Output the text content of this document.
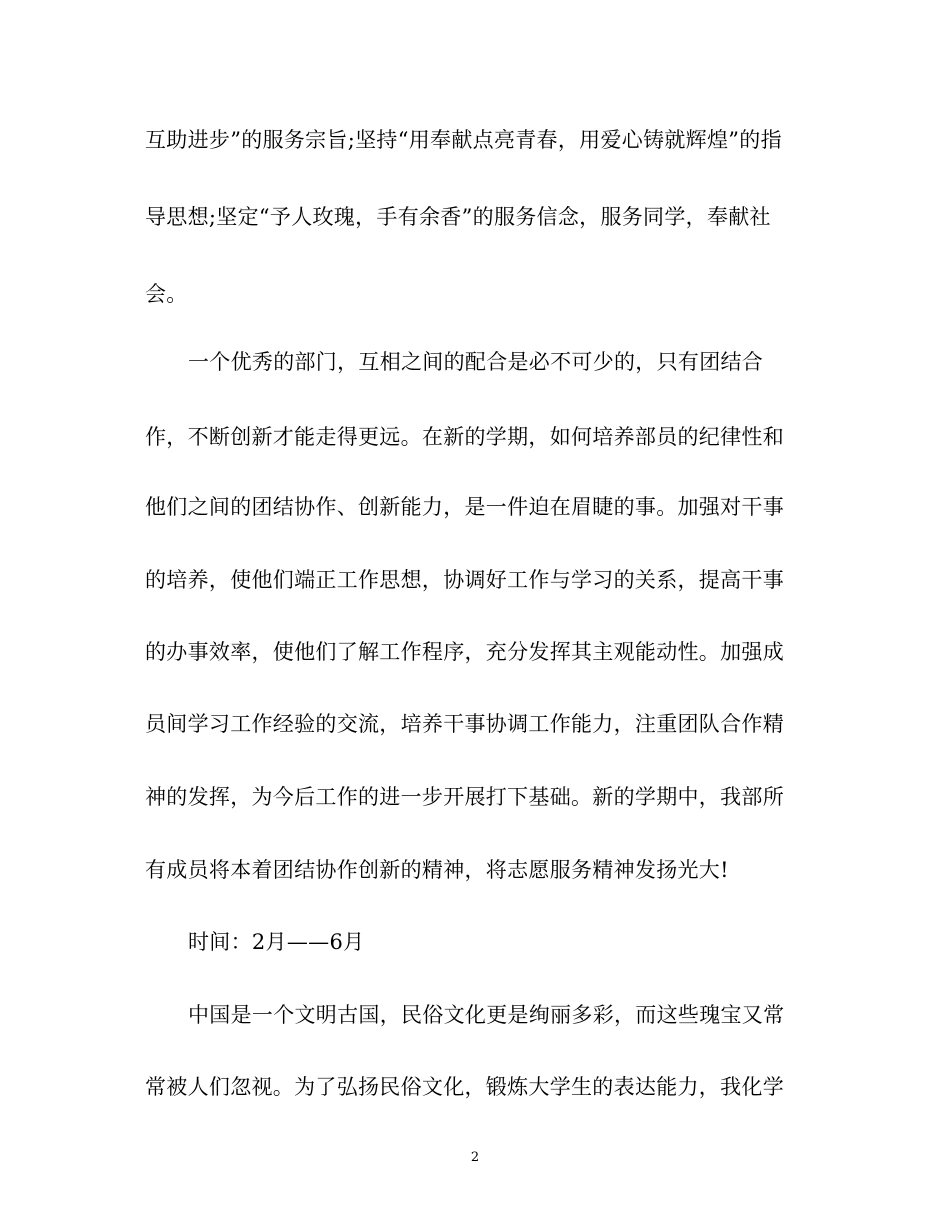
互助进步”的服务宗旨;坚持“用奉献点亮青春，用爱心铸就辉煌”的指
导思想;坚定“予人玫瑰，手有余香”的服务信念，服务同学，奉献社
会。
一个优秀的部门，互相之间的配合是必不可少的，只有团结合
作，不断创新才能走得更远。在新的学期，如何培养部员的纪律性和
他们之间的团结协作、创新能力，是一件迫在眉睫的事。加强对干事
的培养，使他们端正工作思想，协调好工作与学习的关系，提高干事
的办事效率，使他们了解工作程序，充分发挥其主观能动性。加强成
员间学习工作经验的交流，培养干事协调工作能力，注重团队合作精
神的发挥，为今后工作的进一步开展打下基础。新的学期中，我部所
有成员将本着团结协作创新的精神，将志愿服务精神发扬光大!
时间：2月——6月
中国是一个文明古国，民俗文化更是绚丽多彩，而这些瑰宝又常
常被人们忽视。为了弘扬民俗文化，锻炼大学生的表达能力，我化学
2
